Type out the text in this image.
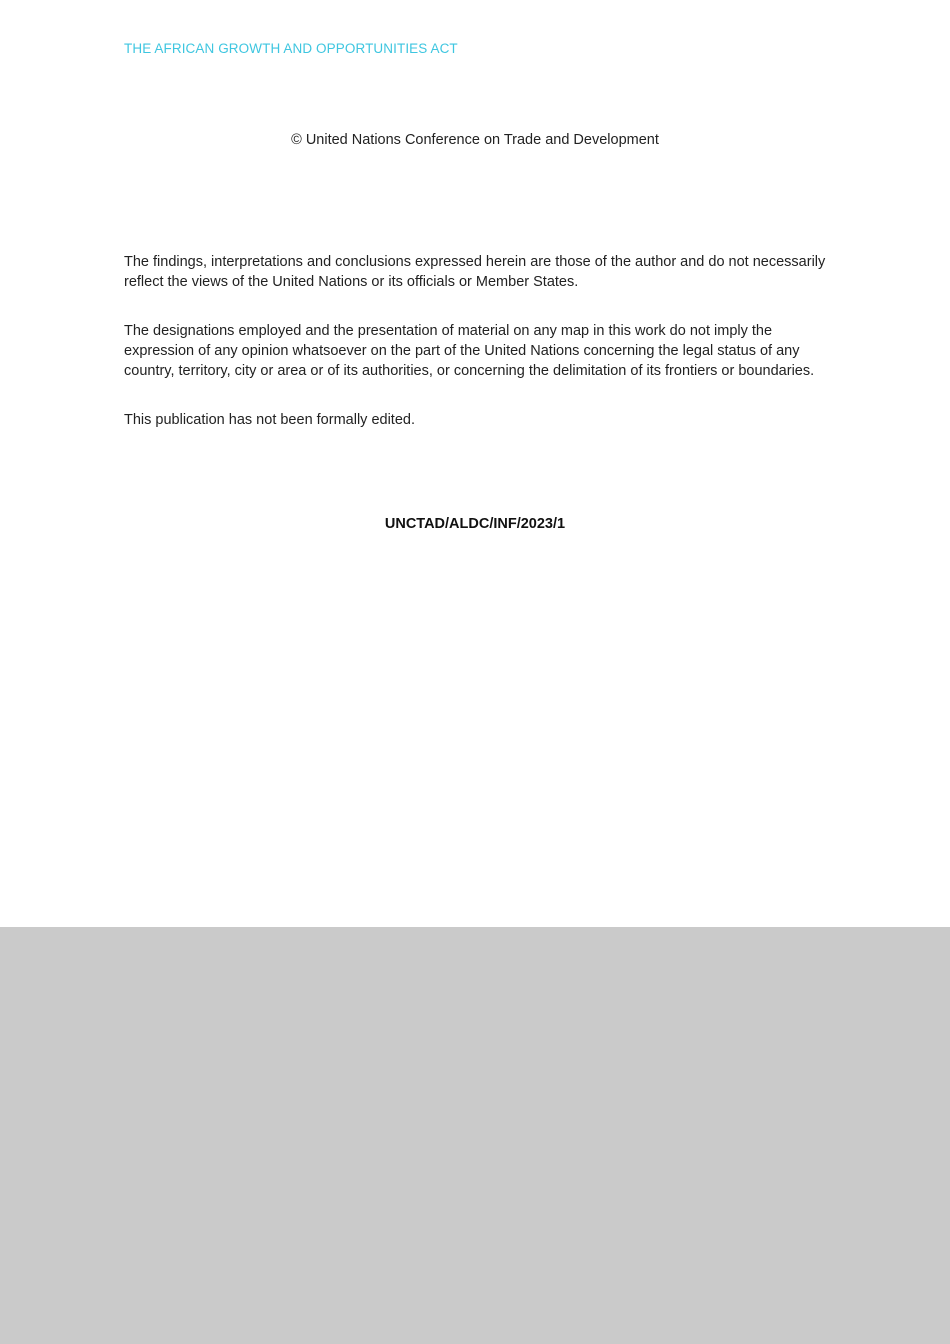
THE AFRICAN GROWTH AND OPPORTUNITIES ACT
© United Nations Conference on Trade and Development

The findings, interpretations and conclusions expressed herein are those of the author and do not necessarily reflect the views of the United Nations or its officials or Member States.

The designations employed and the presentation of material on any map in this work do not imply the expression of any opinion whatsoever on the part of the United Nations concerning the legal status of any country, territory, city or area or of its authorities, or concerning the delimitation of its frontiers or boundaries.

This publication has not been formally edited.

UNCTAD/ALDC/INF/2023/1
